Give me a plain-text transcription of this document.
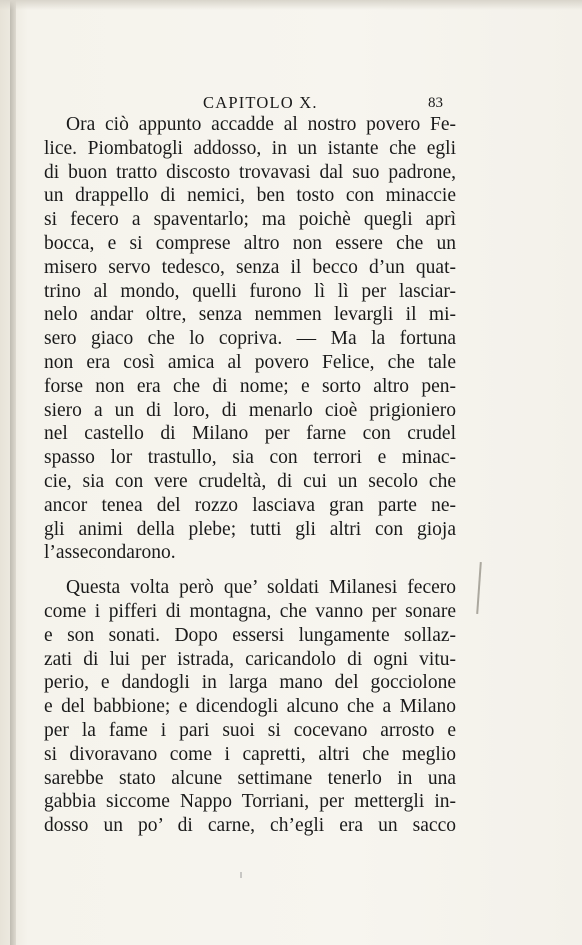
CAPITOLO X.	83
Ora ciò appunto accadde al nostro povero Fe-
lice. Piombatogli addosso, in un istante che egli
di buon tratto discosto trovavasi dal suo padrone,
un drappello di nemici, ben tosto con minaccie
si fecero a spaventarlo; ma poichè quegli aprì
bocca, e si comprese altro non essere che un
misero servo tedesco, senza il becco d’un quat-
trino al mondo, quelli furono lì lì per lasciar-
nelo andar oltre, senza nemmen levargli il mi-
sero giaco che lo copriva. — Ma la fortuna
non era così amica al povero Felice, che tale
forse non era che di nome; e sorto altro pen-
siero a un di loro, di menarlo cioè prigioniero
nel castello di Milano per farne con crudel
spasso lor trastullo, sia con terrori e minac-
cie, sia con vere crudeltà, di cui un secolo che
ancor tenea del rozzo lasciava gran parte ne-
gli animi della plebe; tutti gli altri con gioja
l’assecondarono.
Questa volta però que’ soldati Milanesi fecero
come i pifferi di montagna, che vanno per sonare
e son sonati. Dopo essersi lungamente sollaz-
zati di lui per istrada, caricandolo di ogni vitu-
perio, e dandogli in larga mano del gocciolone
e del babbione; e dicendogli alcuno che a Milano
per la fame i pari suoi si cocevano arrosto e
si divoravano come i capretti, altri che meglio
sarebbe stato alcune settimane tenerlo in una
gabbia siccome Nappo Torriani, per mettergli in-
dosso un po’ di carne, ch’egli era un sacco
